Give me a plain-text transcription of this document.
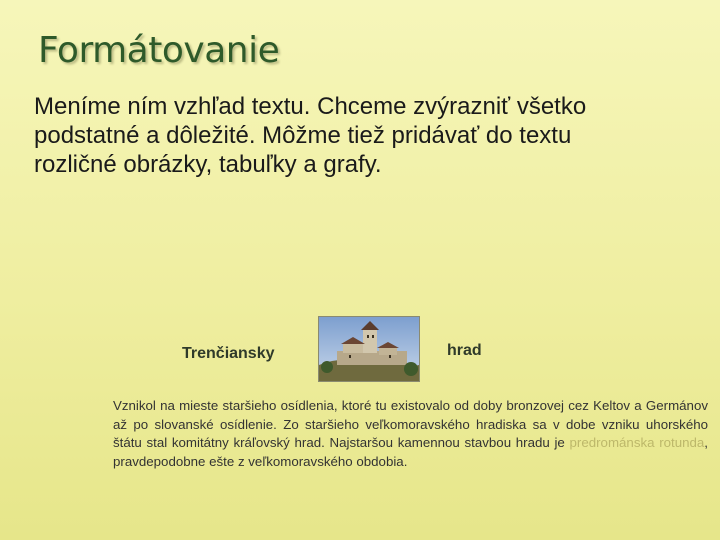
Formátovanie
Meníme ním vzhľad textu. Chceme zvýrazniť všetko podstatné a dôležité. Môžme tiež pridávať do textu rozličné obrázky, tabuľky a grafy.
Trenčiansky	hrad
Vznikol na mieste staršieho osídlenia, ktoré tu existovalo od doby bronzovej cez Keltov a Germánov až po slovanské osídlenie. Zo staršieho veľkomoravského hradiska sa v dobe vzniku uhorského štátu stal komitátny kráľovský hrad. Najstaršou kamennou stavbou hradu je predrománska rotunda, pravdepodobne ešte z veľkomoravského obdobia.
